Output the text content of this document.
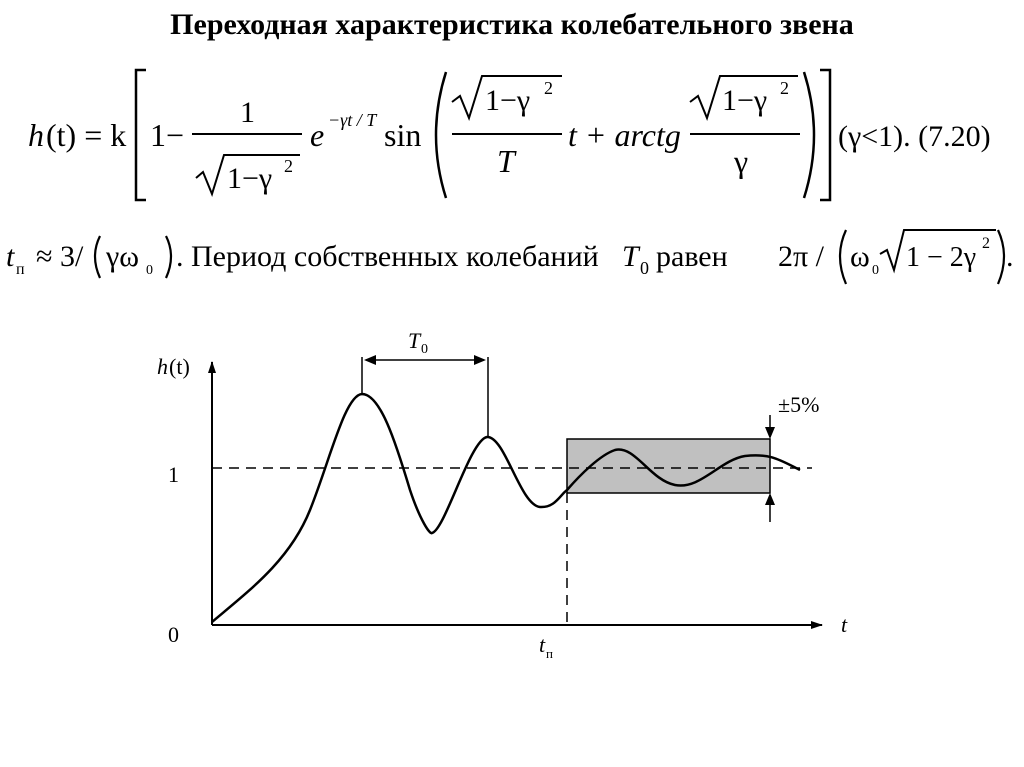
Переходная характеристика колебательного звена
h (t) = k 1−
1
1−γ 2
e −γt / T sin
1−γ 2
T
t + arctg
1−γ 2
γ
(γ<1). (7.20)
t п ≈ 3/ γω 0 . Период собственных колебаний T 0 равен 2π / ω 0 1 − 2γ 2 .
h (t)
1
0	t
T 0
t п
±5%
